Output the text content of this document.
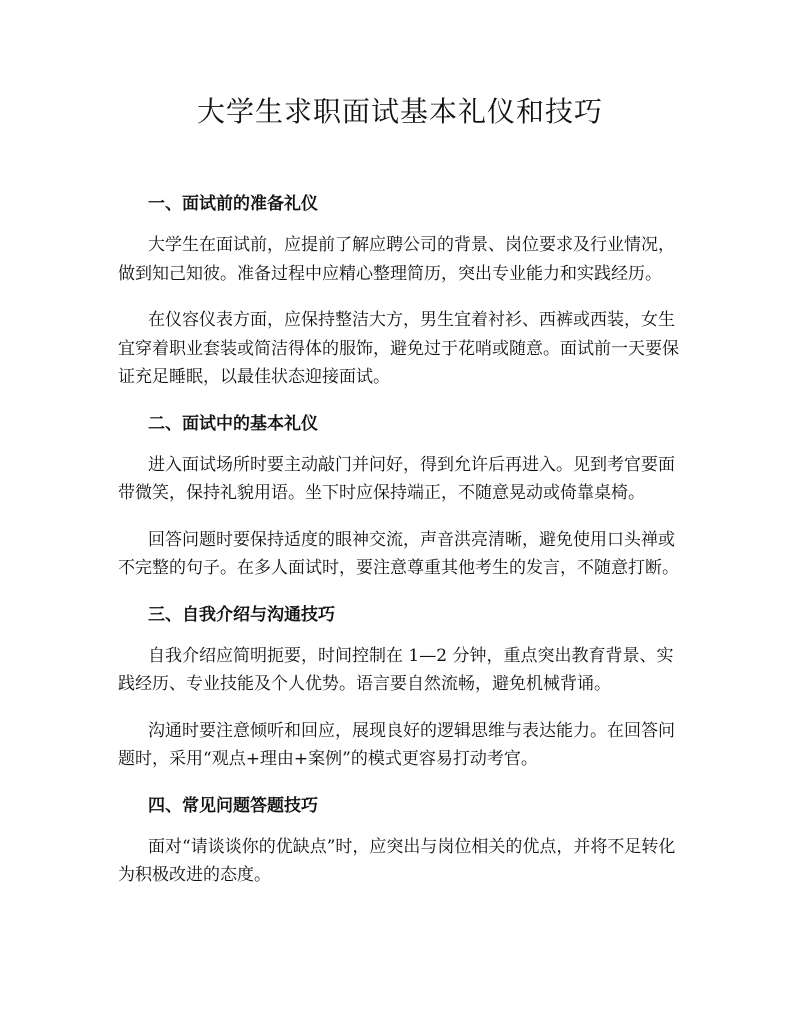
大学生求职面试基本礼仪和技巧
一、面试前的准备礼仪

大学生在面试前，应提前了解应聘公司的背景、岗位要求及行业情况，做到知己知彼。准备过程中应精心整理简历，突出专业能力和实践经历。

在仪容仪表方面，应保持整洁大方，男生宜着衬衫、西裤或西装，女生宜穿着职业套装或简洁得体的服饰，避免过于花哨或随意。面试前一天要保证充足睡眠，以最佳状态迎接面试。

二、面试中的基本礼仪

进入面试场所时要主动敲门并问好，得到允许后再进入。见到考官要面带微笑，保持礼貌用语。坐下时应保持端正，不随意晃动或倚靠桌椅。

回答问题时要保持适度的眼神交流，声音洪亮清晰，避免使用口头禅或不完整的句子。在多人面试时，要注意尊重其他考生的发言，不随意打断。

三、自我介绍与沟通技巧

自我介绍应简明扼要，时间控制在 1—2 分钟，重点突出教育背景、实践经历、专业技能及个人优势。语言要自然流畅，避免机械背诵。

沟通时要注意倾听和回应，展现良好的逻辑思维与表达能力。在回答问题时，采用“观点+理由+案例”的模式更容易打动考官。

四、常见问题答题技巧

面对“请谈谈你的优缺点”时，应突出与岗位相关的优点，并将不足转化为积极改进的态度。
